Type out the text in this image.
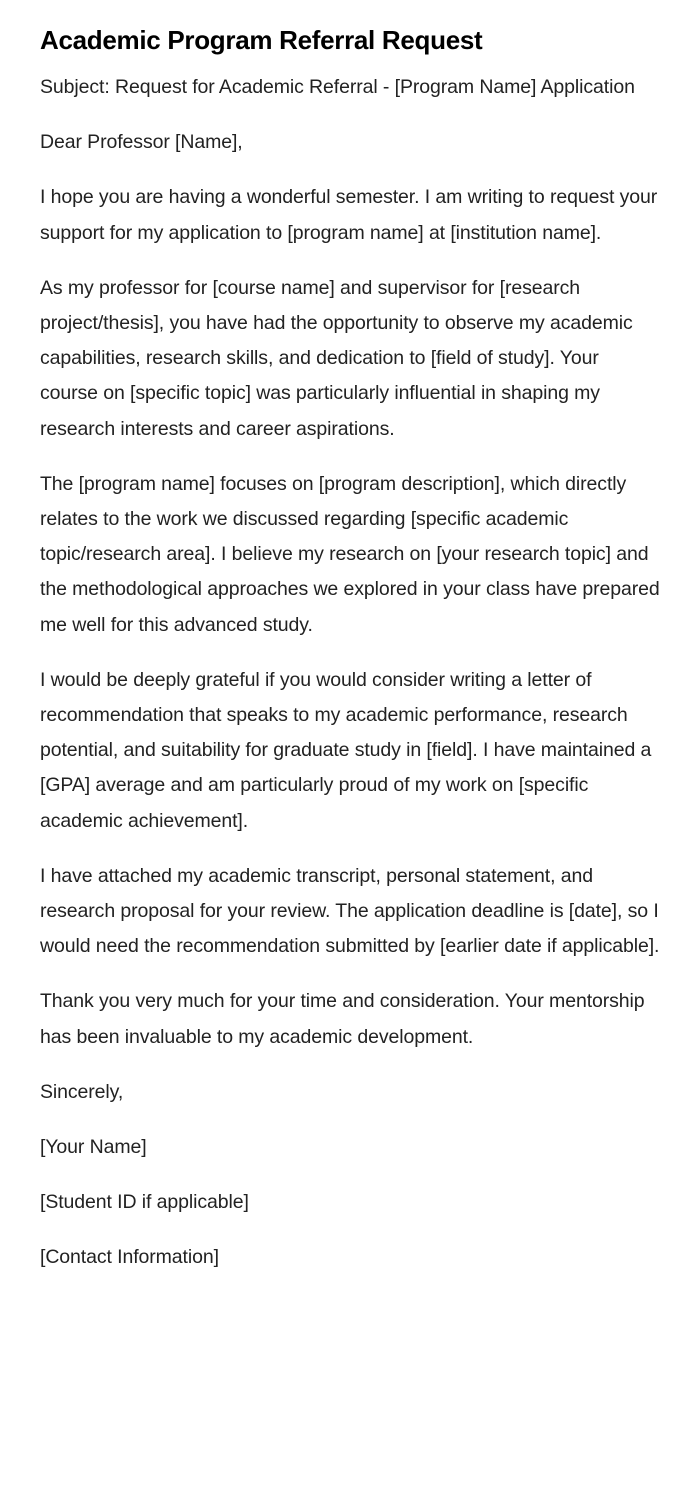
Academic Program Referral Request

Subject: Request for Academic Referral - [Program Name] Application

Dear Professor [Name],

I hope you are having a wonderful semester. I am writing to request your support for my application to [program name] at [institution name].

As my professor for [course name] and supervisor for [research project/thesis], you have had the opportunity to observe my academic capabilities, research skills, and dedication to [field of study]. Your course on [specific topic] was particularly influential in shaping my research interests and career aspirations.

The [program name] focuses on [program description], which directly relates to the work we discussed regarding [specific academic topic/research area]. I believe my research on [your research topic] and the methodological approaches we explored in your class have prepared me well for this advanced study.

I would be deeply grateful if you would consider writing a letter of recommendation that speaks to my academic performance, research potential, and suitability for graduate study in [field]. I have maintained a [GPA] average and am particularly proud of my work on [specific academic achievement].

I have attached my academic transcript, personal statement, and research proposal for your review. The application deadline is [date], so I would need the recommendation submitted by [earlier date if applicable].

Thank you very much for your time and consideration. Your mentorship has been invaluable to my academic development.

Sincerely,

[Your Name]

[Student ID if applicable]

[Contact Information]
